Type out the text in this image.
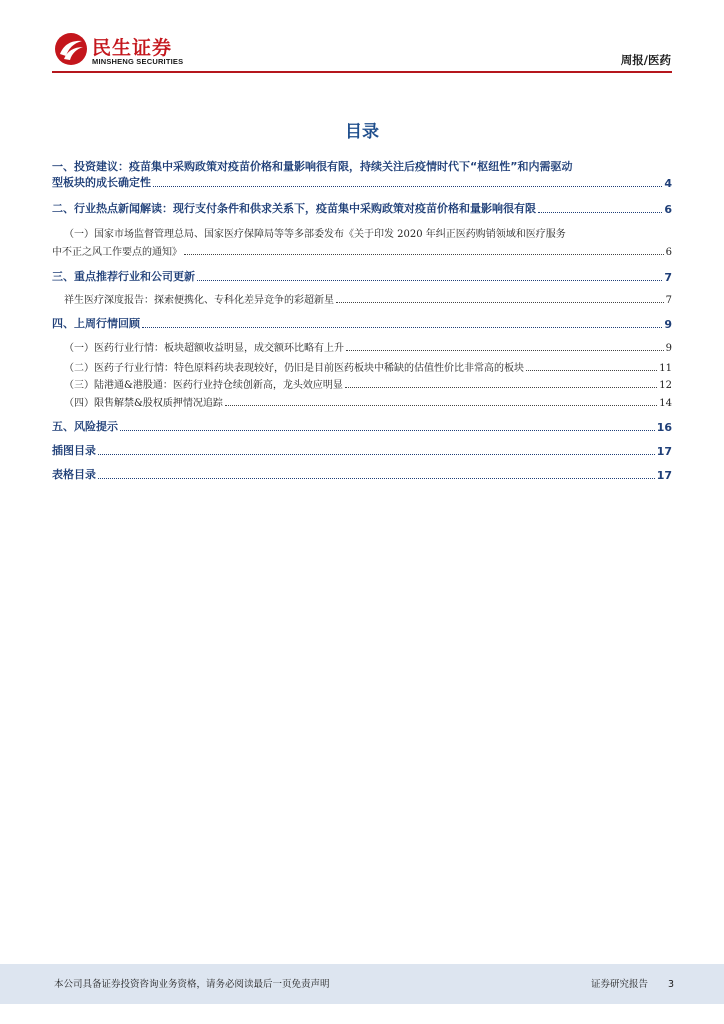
民生证券
MINSHENG SECURITIES	周报/医药
目录
一、投资建议：疫苗集中采购政策对疫苗价格和量影响很有限，持续关注后疫情时代下“枢纽性”和内需驱动
型板块的成长确定性	4
二、行业热点新闻解读：现行支付条件和供求关系下，疫苗集中采购政策对疫苗价格和量影响很有限	6
（一）国家市场监督管理总局、国家医疗保障局等等多部委发布《关于印发 2020 年纠正医药购销领域和医疗服务
中不正之风工作要点的通知》	6
三、重点推荐行业和公司更新	7
祥生医疗深度报告：探索便携化、专科化差异竞争的彩超新星	7
四、上周行情回顾	9
（一）医药行业行情：板块超额收益明显，成交额环比略有上升	9
（二）医药子行业行情：特色原料药块表现较好，仍旧是目前医药板块中稀缺的估值性价比非常高的板块	11
（三）陆港通&港股通：医药行业持仓续创新高，龙头效应明显	12
（四）限售解禁&股权质押情况追踪	14
五、风险提示	16
插图目录	17
表格目录	17
本公司具备证券投资咨询业务资格，请务必阅读最后一页免责声明	证券研究报告 3
